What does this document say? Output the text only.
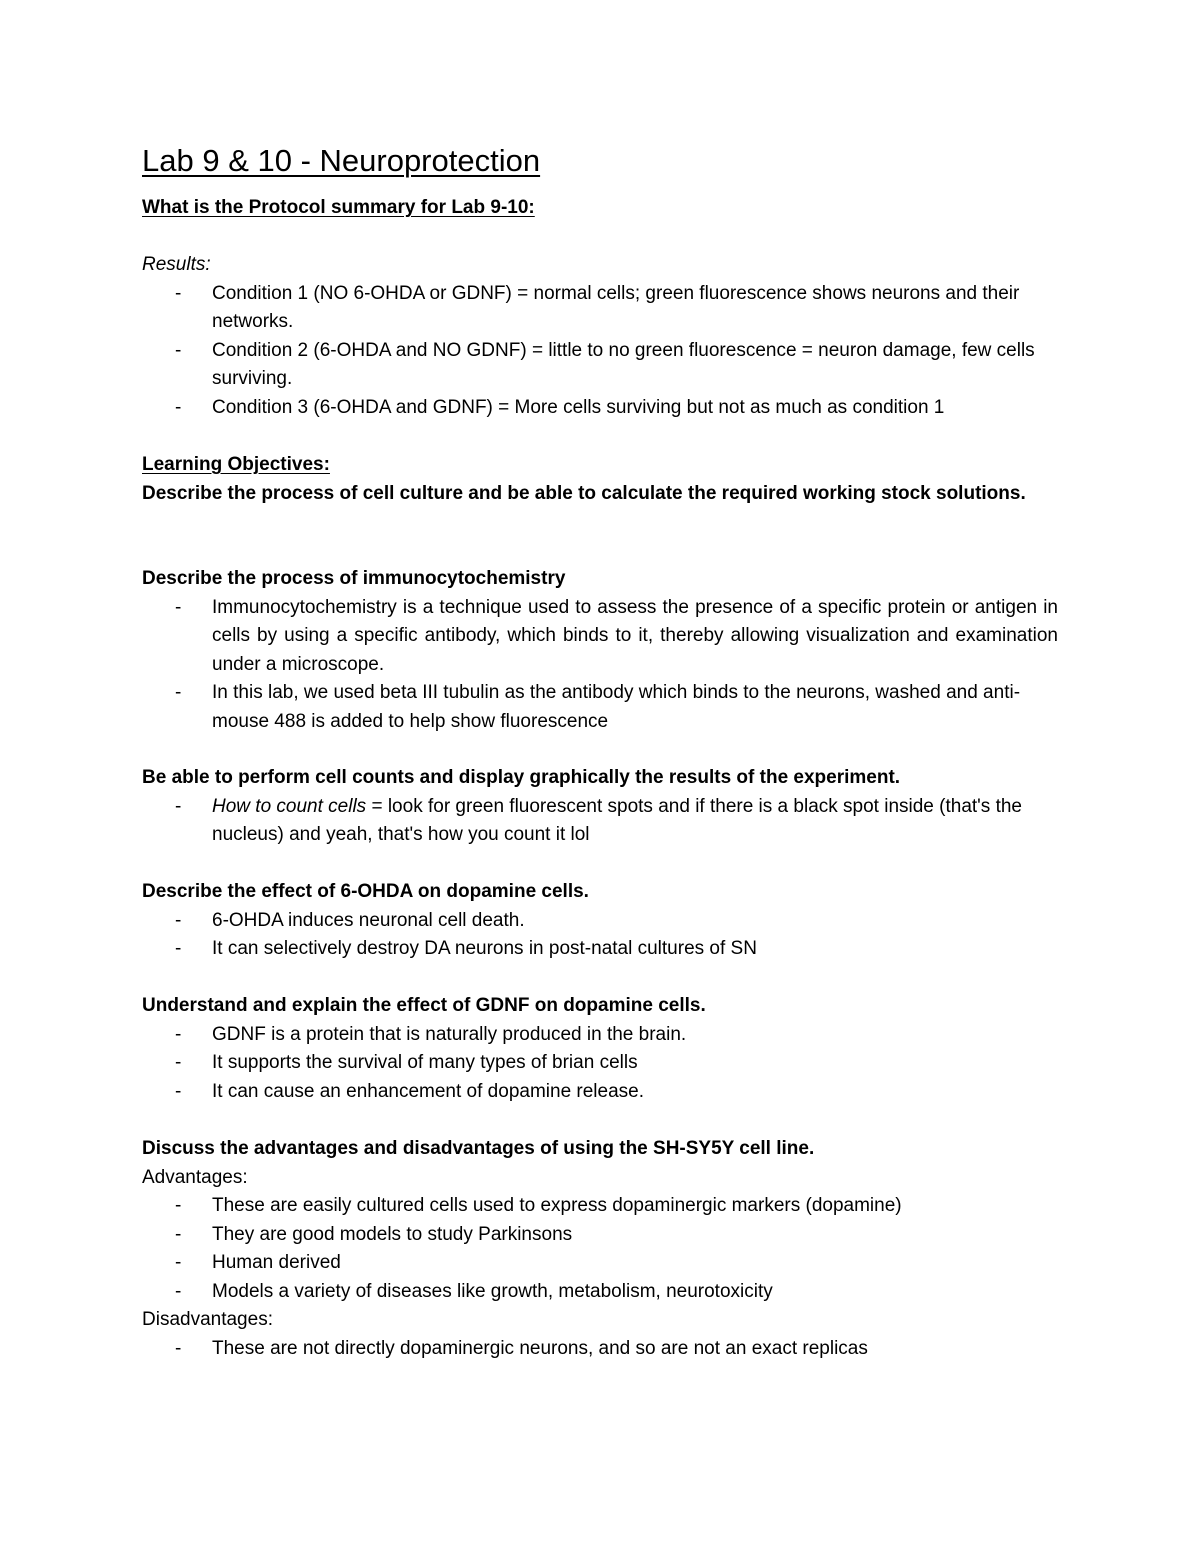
Lab 9 & 10 - Neuroprotection
What is the Protocol summary for Lab 9-10:
Results:
- Condition 1 (NO 6-OHDA or GDNF) = normal cells; green fluorescence shows neurons and their networks.
- Condition 2 (6-OHDA and NO GDNF) = little to no green fluorescence = neuron damage, few cells surviving.
- Condition 3 (6-OHDA and GDNF) = More cells surviving but not as much as condition 1
Learning Objectives:
Describe the process of cell culture and be able to calculate the required working stock solutions.
Describe the process of immunocytochemistry
- Immunocytochemistry is a technique used to assess the presence of a specific protein or antigen in cells by using a specific antibody, which binds to it, thereby allowing visualization and examination under a microscope.
- In this lab, we used beta III tubulin as the antibody which binds to the neurons, washed and anti-mouse 488 is added to help show fluorescence
Be able to perform cell counts and display graphically the results of the experiment.
- How to count cells = look for green fluorescent spots and if there is a black spot inside (that's the nucleus) and yeah, that's how you count it lol
Describe the effect of 6-OHDA on dopamine cells.
- 6-OHDA induces neuronal cell death.
- It can selectively destroy DA neurons in post-natal cultures of SN
Understand and explain the effect of GDNF on dopamine cells.
- GDNF is a protein that is naturally produced in the brain.
- It supports the survival of many types of brian cells
- It can cause an enhancement of dopamine release.
Discuss the advantages and disadvantages of using the SH-SY5Y cell line.
Advantages:
- These are easily cultured cells used to express dopaminergic markers (dopamine)
- They are good models to study Parkinsons
- Human derived
- Models a variety of diseases like growth, metabolism, neurotoxicity
Disadvantages:
- These are not directly dopaminergic neurons, and so are not an exact replicas
